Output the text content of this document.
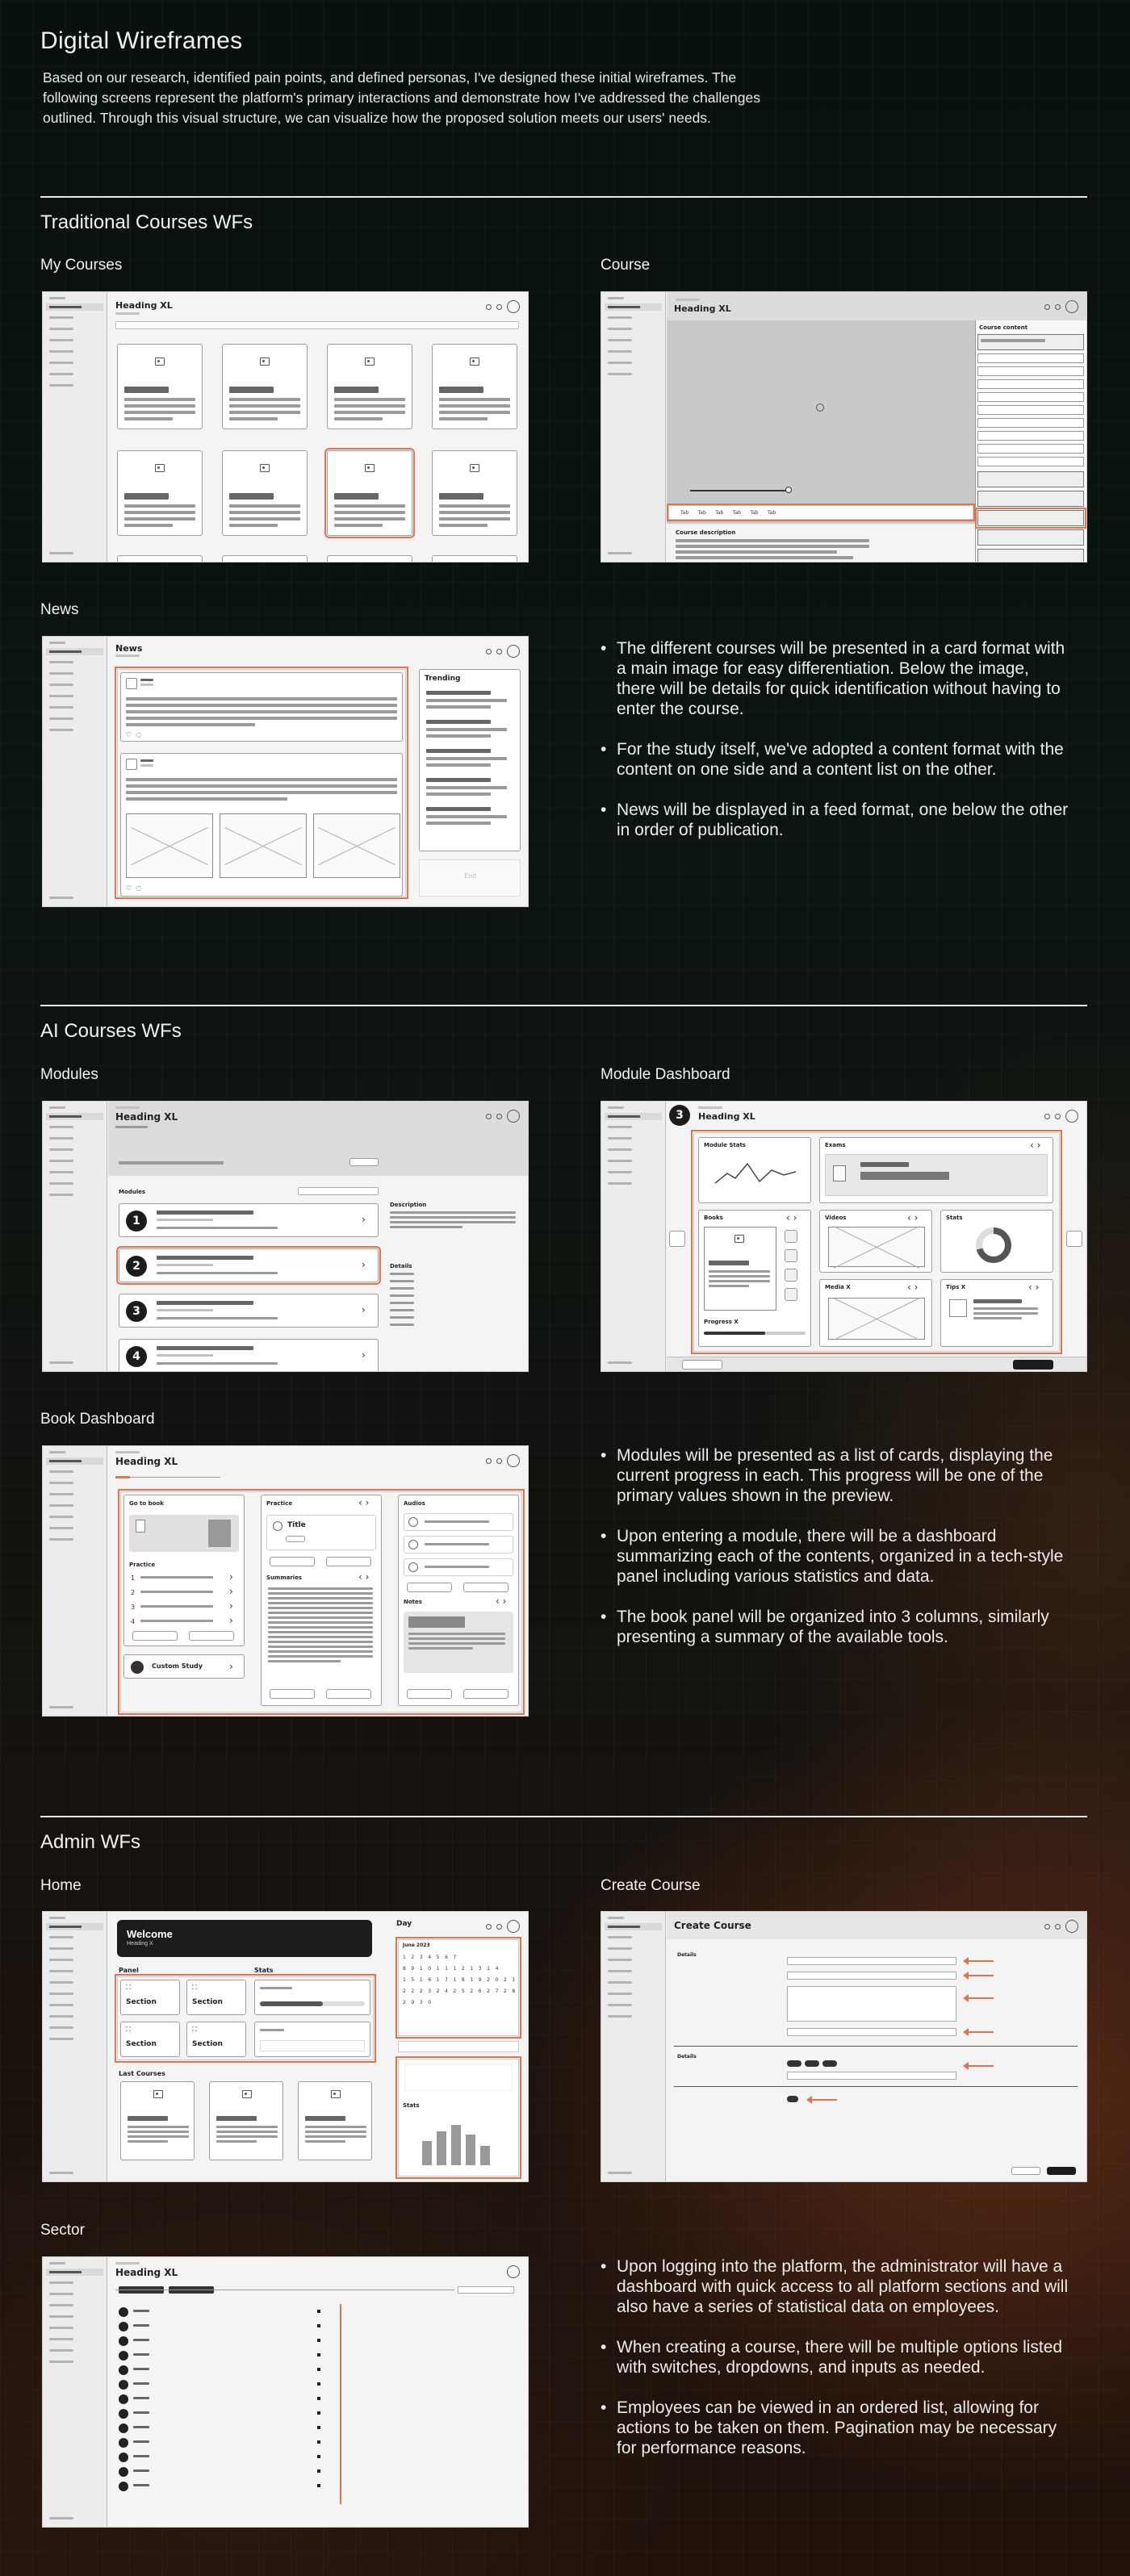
Digital Wireframes

Based on our research, identified pain points, and defined personas, I've designed these initial wireframes. The following screens represent the platform's primary interactions and demonstrate how I've addressed the challenges outlined. Through this visual structure, we can visualize how the proposed solution meets our users' needs.

Traditional Courses WFs
My Courses	Course
Heading XL	Heading XL
Tab      Tab      Tab      Tab      Tab      Tab
Course description
Course content
News
News
♡  ◌
♡  ◌
Trending
End
• The different courses will be presented in a card format with a main image for easy differentiation. Below the image, there will be details for quick identification without having to enter the course.
• For the study itself, we've adopted a content format with the content on one side and a content list on the other.
• News will be displayed in a feed format, one below the other in order of publication.
AI Courses WFs
Modules	Module Dashboard
Heading XL
Modules
1	›
2	›
3	›
4	›
Description
Details
3	Heading XL
Module Stats	Exams	‹ ›
Books	‹ ›
Progress X
Videos	‹ ›	Stats
Media X	‹ ›	Tips X	‹ ›
Book Dashboard
Heading XL
Go to book
Practice
1	›
2	›
3	›
4	›
Custom Study	›
Practice	‹ ›
Title
Summaries	‹ ›
Audios
Notes	‹ ›
• Modules will be presented as a list of cards, displaying the current progress in each. This progress will be one of the primary values shown in the preview.
• Upon entering a module, there will be a dashboard summarizing each of the contents, organized in a tech-style panel including various statistics and data.
• The book panel will be organized into 3 columns, similarly presenting a summary of the available tools.
Admin WFs
Home	Create Course
Welcome
Heading X
Panel	Stats
⛶
Section
⛶
Section
⛶
Section
⛶
Section
Last Courses
Day
June 2023
1234567 891011121314 15161718192021 22232425262728 2930
Stats
Create Course
Details
Details
Sector
Heading XL
•	Upon logging into the platform, the administrator will have a dashboard with quick access to all platform sections and will also have a series of statistical data on employees.
• When creating a course, there will be multiple options listed with switches, dropdowns, and inputs as needed.
• Employees can be viewed in an ordered list, allowing for actions to be taken on them. Pagination may be necessary for performance reasons.
